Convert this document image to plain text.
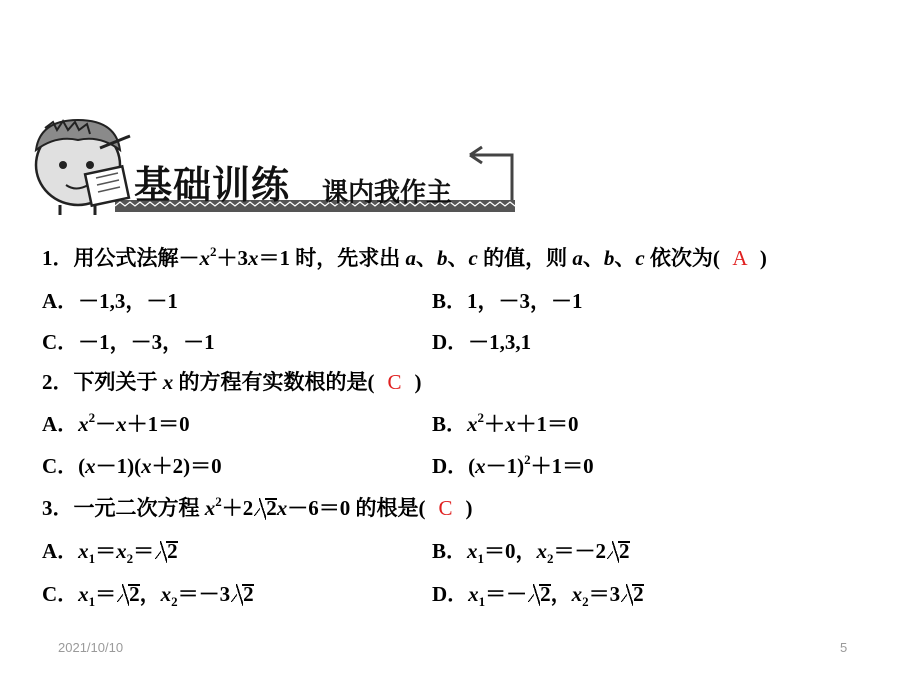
基础训练 课内我作主
1．用公式法解$-x^2+3x=1$ 时，先求出 a、b、c 的值，则 a、b、c 依次为( A )
A．－1,3，－1	B．1，－3，－1
C．－1，－3，－1	D．－1,3,1
2．下列关于 x 的方程有实数根的是( C )
A．$x^2-x+1=0$	B．$x^2+x+1=0$
C．(x－1)(x＋2)＝0	D．$(x-1)^2+1=0$
3．一元二次方程 $x^2+2$ 2x－6＝0 的根是( C )
A．$x_1=x_2= 2$	B．$x_1=0$，$x_2=-2$ 2
C．$x_1= 2$，$x_2=-3$ 2	D．$x_1=- 2$，$x_2=3$ 2
2021/10/10	5
